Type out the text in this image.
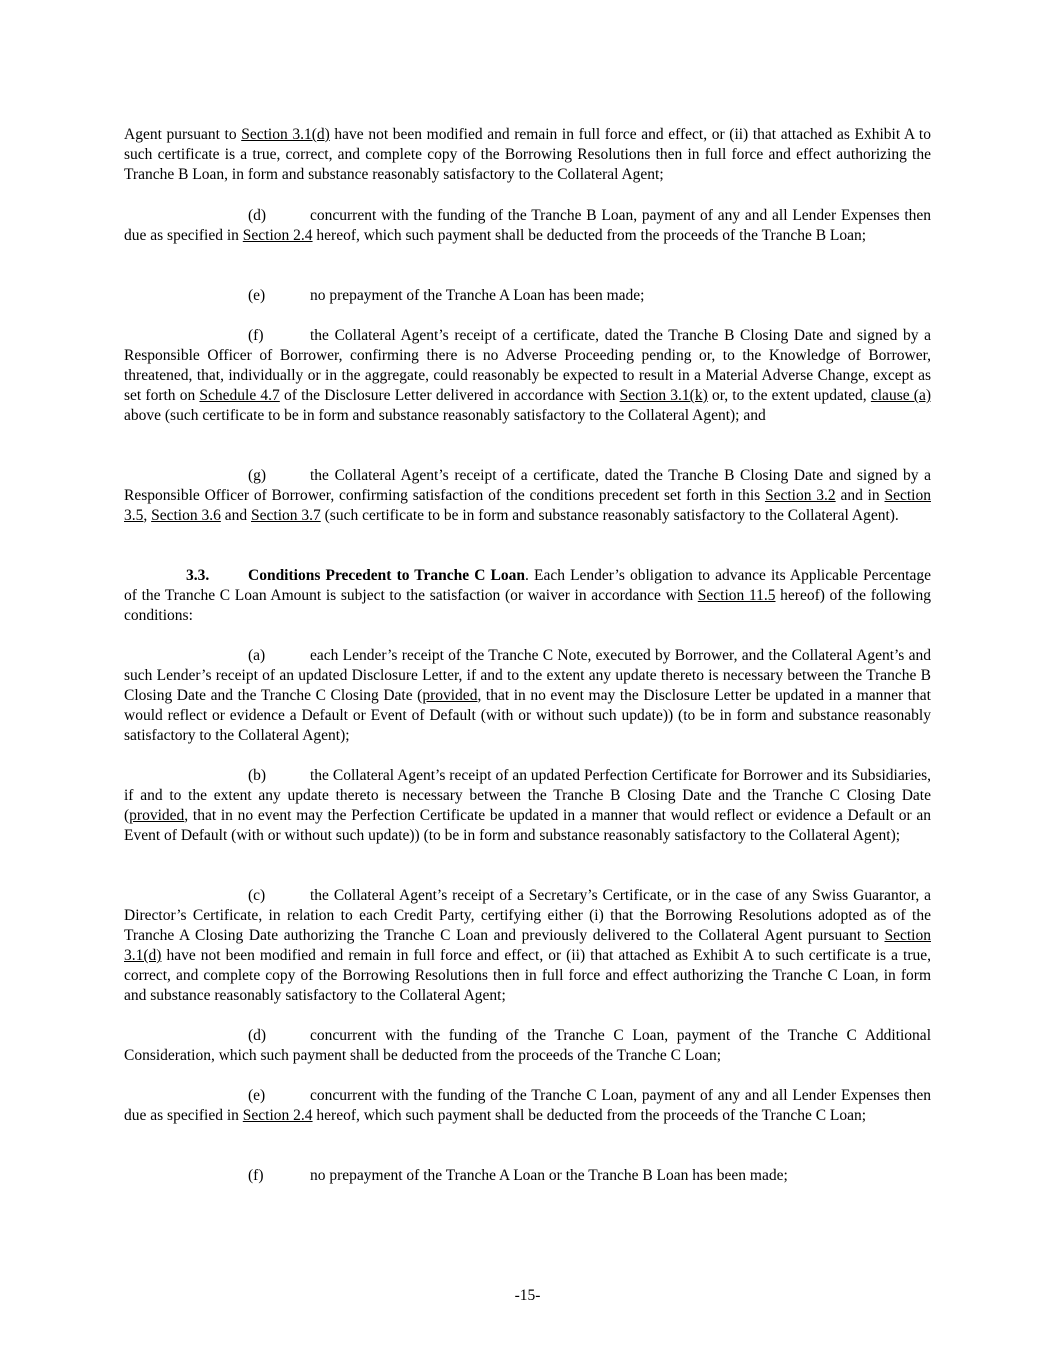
Agent pursuant to Section 3.1(d) have not been modified and remain in full force and effect, or (ii) that attached as Exhibit A to such certificate is a true, correct, and complete copy of the Borrowing Resolutions then in full force and effect authorizing the Tranche B Loan, in form and substance reasonably satisfactory to the Collateral Agent;

(d)	concurrent with the funding of the Tranche B Loan, payment of any and all Lender Expenses then due as specified in Section 2.4 hereof, which such payment shall be deducted from the proceeds of the Tranche B Loan;

(e)	no prepayment of the Tranche A Loan has been made;

(f)	the Collateral Agent’s receipt of a certificate, dated the Tranche B Closing Date and signed by a Responsible Officer of Borrower, confirming there is no Adverse Proceeding pending or, to the Knowledge of Borrower, threatened, that, individually or in the aggregate, could reasonably be expected to result in a Material Adverse Change, except as set forth on Schedule 4.7 of the Disclosure Letter delivered in accordance with Section 3.1(k) or, to the extent updated, clause (a) above (such certificate to be in form and substance reasonably satisfactory to the Collateral Agent); and

(g)	the Collateral Agent’s receipt of a certificate, dated the Tranche B Closing Date and signed by a Responsible Officer of Borrower, confirming satisfaction of the conditions precedent set forth in this Section 3.2 and in Section 3.5, Section 3.6 and Section 3.7 (such certificate to be in form and substance reasonably satisfactory to the Collateral Agent).

3.3.	Conditions Precedent to Tranche C Loan. Each Lender’s obligation to advance its Applicable Percentage of the Tranche C Loan Amount is subject to the satisfaction (or waiver in accordance with Section 11.5 hereof) of the following conditions:

(a)	each Lender’s receipt of the Tranche C Note, executed by Borrower, and the Collateral Agent’s and such Lender’s receipt of an updated Disclosure Letter, if and to the extent any update thereto is necessary between the Tranche B Closing Date and the Tranche C Closing Date (provided, that in no event may the Disclosure Letter be updated in a manner that would reflect or evidence a Default or Event of Default (with or without such update)) (to be in form and substance reasonably satisfactory to the Collateral Agent);

(b)	the Collateral Agent’s receipt of an updated Perfection Certificate for Borrower and its Subsidiaries, if and to the extent any update thereto is necessary between the Tranche B Closing Date and the Tranche C Closing Date (provided, that in no event may the Perfection Certificate be updated in a manner that would reflect or evidence a Default or an Event of Default (with or without such update)) (to be in form and substance reasonably satisfactory to the Collateral Agent);

(c)	the Collateral Agent’s receipt of a Secretary’s Certificate, or in the case of any Swiss Guarantor, a Director’s Certificate, in relation to each Credit Party, certifying either (i) that the Borrowing Resolutions adopted as of the Tranche A Closing Date authorizing the Tranche C Loan and previously delivered to the Collateral Agent pursuant to Section 3.1(d) have not been modified and remain in full force and effect, or (ii) that attached as Exhibit A to such certificate is a true, correct, and complete copy of the Borrowing Resolutions then in full force and effect authorizing the Tranche C Loan, in form and substance reasonably satisfactory to the Collateral Agent;

(d)	concurrent with the funding of the Tranche C Loan, payment of the Tranche C Additional Consideration, which such payment shall be deducted from the proceeds of the Tranche C Loan;

(e)	concurrent with the funding of the Tranche C Loan, payment of any and all Lender Expenses then due as specified in Section 2.4 hereof, which such payment shall be deducted from the proceeds of the Tranche C Loan;

(f)	no prepayment of the Tranche A Loan or the Tranche B Loan has been made;

-15-
